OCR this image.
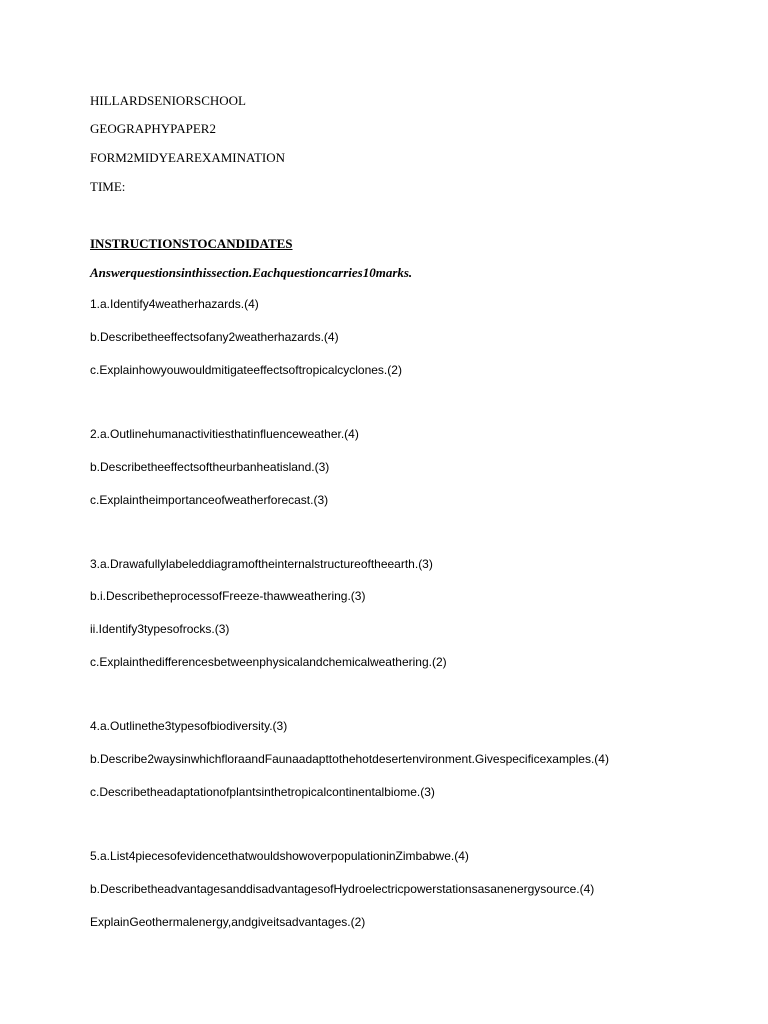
HILLARDSENIORSCHOOL
GEOGRAPHYPAPER2
FORM2MIDYEAREXAMINATION
TIME:
INSTRUCTIONSTOCANDIDATES
Answerquestionsinthissection.Eachquestioncarries10marks.
1.a.Identify4weatherhazards.(4)
b.Describetheeffectsofany2weatherhazards.(4)
c.Explainhowyouwouldmitigateeffectsoftropicalcyclones.(2)
2.a.Outlinehumanactivitiesthatinfluenceweather.(4)
b.Describetheeffectsoftheurbanheatisland.(3)
c.Explaintheimportanceofweatherforecast.(3)
3.a.Drawafullylabeleddiagramoftheinternalstructureoftheearth.(3)
b.i.DescribetheprocessofFreeze-thawweathering.(3)
ii.Identify3typesofrocks.(3)
c.Explainthedifferencesbetweenphysicalandchemicalweathering.(2)
4.a.Outlinethe3typesofbiodiversity.(3)
b.Describe2waysinwhichfloraandFaunaadapttothehotdesertenvironment.Givespecificexamples.(4)
c.Describetheadaptationofplantsinthetropicalcontinentalbiome.(3)
5.a.List4piecesofevidencethatwouldshowoverpopulationinZimbabwe.(4)
b.DescribetheadvantagesanddisadvantagesofHydroelectricpowerstationsasanenergysource.(4)
ExplainGeothermalenergy,andgiveitsadvantages.(2)
